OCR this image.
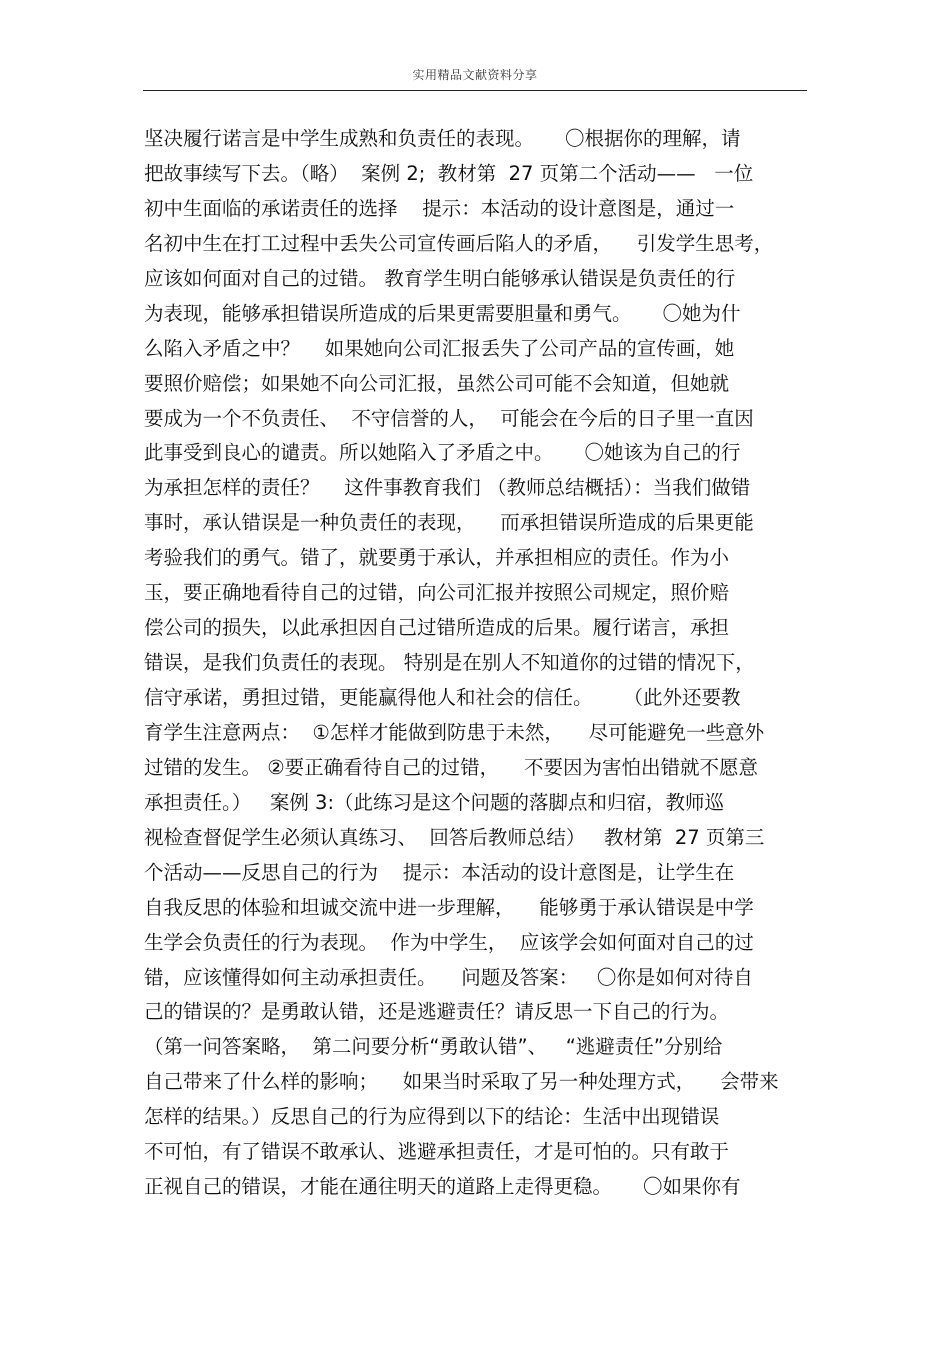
实用精品文献资料分享
坚决履行诺言是中学生成熟和负责任的表现。     〇根据你的理解，请
把故事续写下去。（略）  案例 2;  教材第  27 页第二个活动——   一位
初中生面临的承诺责任的选择    提示：本活动的设计意图是，通过一
名初中生在打工过程中丢失公司宣传画后陷人的矛盾，    引发学生思考，
应该如何面对自己的过错。 教育学生明白能够承认错误是负责任的行
为表现，能够承担错误所造成的后果更需要胆量和勇气。     〇她为什
么陷入矛盾之中？    如果她向公司汇报丢失了公司产品的宣传画，她
要照价赔偿；如果她不向公司汇报，虽然公司可能不会知道，但她就
要成为一个不负责任、  不守信誉的人，  可能会在今后的日子里一直因
此事受到良心的谴责。所以她陷入了矛盾之中。     〇她该为自己的行
为承担怎样的责任？    这件事教育我们 （教师总结概括）：当我们做错
事时，承认错误是一种负责任的表现，    而承担错误所造成的后果更能
考验我们的勇气。错了，就要勇于承认，并承担相应的责任。作为小
玉，要正确地看待自己的过错，向公司汇报并按照公司规定，照价赔
偿公司的损失，以此承担因自己过错所造成的后果。履行诺言，承担
错误，是我们负责任的表现。 特别是在别人不知道你的过错的情况下，
信守承诺，勇担过错，更能赢得他人和社会的信任。     （此外还要教
育学生注意两点：  ①怎样才能做到防患于未然，    尽可能避免一些意外
过错的发生。 ②要正确看待自己的过错，    不要因为害怕出错就不愿意
承担责任。）   案例 3:（此练习是这个问题的落脚点和归宿，教师巡
视检查督促学生必须认真练习、  回答后教师总结）   教材第  27 页第三
个活动——反思自己的行为    提示：本活动的设计意图是，让学生在
自我反思的体验和坦诚交流中进一步理解，    能够勇于承认错误是中学
生学会负责任的行为表现。  作为中学生，  应该学会如何面对自己的过
错，应该懂得如何主动承担责任。    问题及答案：   〇你是如何对待自
己的错误的？是勇敢认错，还是逃避责任？请反思一下自己的行为。
（第一问答案略，  第二问要分析“勇敢认错”、   “逃避责任”分别给
自己带来了什么样的影响；    如果当时采取了另一种处理方式，    会带来
怎样的结果。）反思自己的行为应得到以下的结论：生活中出现错误
不可怕，有了错误不敢承认、逃避承担责任，才是可怕的。只有敢于
正视自己的错误，才能在通往明天的道路上走得更稳。     〇如果你有
